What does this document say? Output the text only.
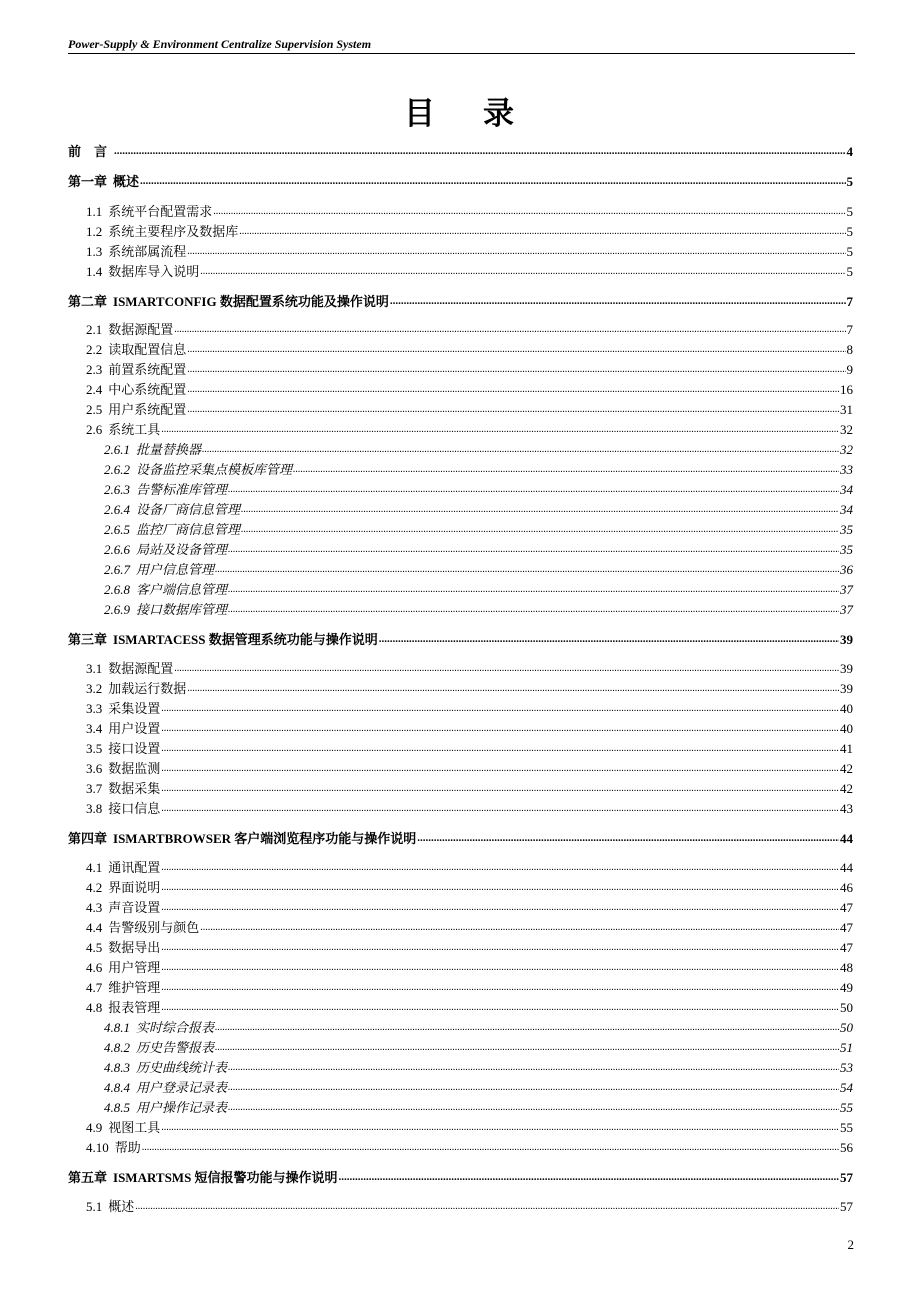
Power-Supply & Environment Centralize Supervision System
目 录
前　言 .....	4
第一章 概述 .....	5
1.1 系统平台配置需求 .....	5
1.2 系统主要程序及数据库 .....	5
1.3 系统部属流程 .....	5
1.4 数据库导入说明 .....	5
第二章 ISMARTCONFIG 数据配置系统功能及操作说明 .....	7
2.1 数据源配置 .....	7
2.2 读取配置信息 .....	8
2.3 前置系统配置 .....	9
2.4 中心系统配置 .....	16
2.5 用户系统配置 .....	31
2.6 系统工具 .....	32
2.6.1 批量替换器 .....	32
2.6.2 设备监控采集点模板库管理 .....	33
2.6.3 告警标准库管理 .....	34
2.6.4 设备厂商信息管理 .....	34
2.6.5 监控厂商信息管理 .....	35
2.6.6 局站及设备管理 .....	35
2.6.7 用户信息管理 .....	36
2.6.8 客户端信息管理 .....	37
2.6.9 接口数据库管理 .....	37
第三章 ISMARTACESS 数据管理系统功能与操作说明 .....	39
3.1 数据源配置 .....	39
3.2 加载运行数据 .....	39
3.3 采集设置 .....	40
3.4 用户设置 .....	40
3.5 接口设置 .....	41
3.6 数据监测 .....	42
3.7 数据采集 .....	42
3.8 接口信息 .....	43
第四章 ISMARTBROWSER 客户端浏览程序功能与操作说明 .....	44
4.1 通讯配置 .....	44
4.2 界面说明 .....	46
4.3 声音设置 .....	47
4.4 告警级别与颜色 .....	47
4.5 数据导出 .....	47
4.6 用户管理 .....	48
4.7 维护管理 .....	49
4.8 报表管理 .....	50
4.8.1 实时综合报表 .....	50
4.8.2 历史告警报表 .....	51
4.8.3 历史曲线统计表 .....	53
4.8.4 用户登录记录表 .....	54
4.8.5 用户操作记录表 .....	55
4.9 视图工具 .....	55
4.10 帮助 .....	56
第五章 ISMARTSMS 短信报警功能与操作说明 .....	57
5.1 概述 .....	57
2
